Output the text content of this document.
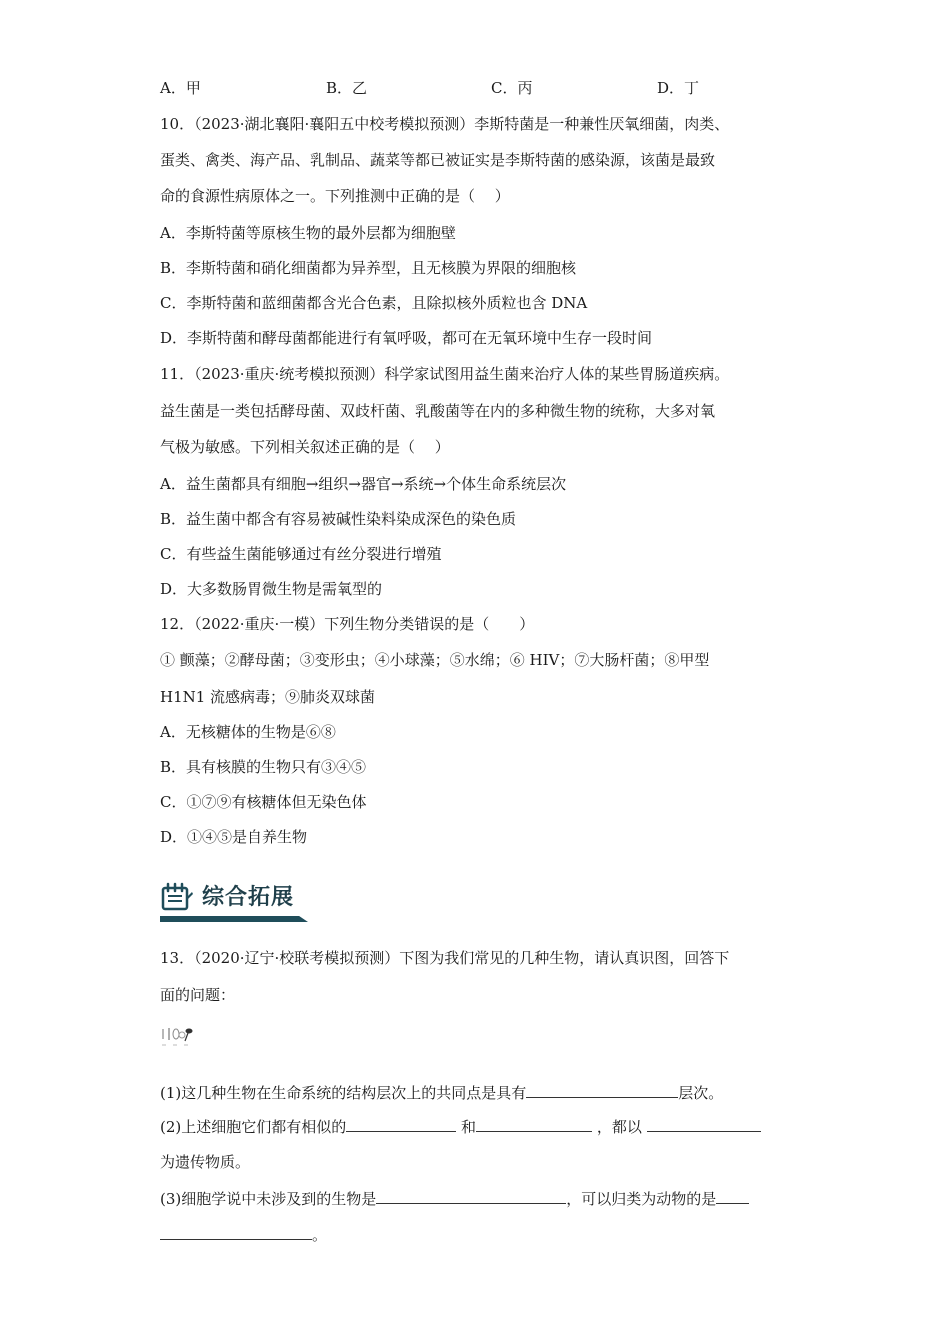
A．甲	B．乙	C．丙	D．丁
10．（2023·湖北襄阳·襄阳五中校考模拟预测）李斯特菌是一种兼性厌氧细菌，肉类、
蛋类、禽类、海产品、乳制品、蔬菜等都已被证实是李斯特菌的感染源，该菌是最致
命的食源性病原体之一。下列推测中正确的是（　 ）
A．李斯特菌等原核生物的最外层都为细胞壁
B．李斯特菌和硝化细菌都为异养型，且无核膜为界限的细胞核
C．李斯特菌和蓝细菌都含光合色素，且除拟核外质粒也含 DNA
D．李斯特菌和酵母菌都能进行有氧呼吸，都可在无氧环境中生存一段时间
11．（2023·重庆·统考模拟预测）科学家试图用益生菌来治疗人体的某些胃肠道疾病。
益生菌是一类包括酵母菌、双歧杆菌、乳酸菌等在内的多种微生物的统称，大多对氧
气极为敏感。下列相关叙述正确的是（　 ）
A．益生菌都具有细胞→组织→器官→系统→个体生命系统层次
B．益生菌中都含有容易被碱性染料染成深色的染色质
C．有些益生菌能够通过有丝分裂进行增殖
D．大多数肠胃微生物是需氧型的
12．（2022·重庆·一模）下列生物分类错误的是（　　）
① 颤藻；②酵母菌；③变形虫；④小球藻；⑤水绵；⑥ HIV；⑦大肠杆菌；⑧甲型
H1N1 流感病毒；⑨肺炎双球菌
A．无核糖体的生物是⑥⑧
B．具有核膜的生物只有③④⑤
C．①⑦⑨有核糖体但无染色体
D．①④⑤是自养生物
13．（2020·辽宁·校联考模拟预测）下图为我们常见的几种生物，请认真识图，回答下
面的问题：
(1)这几种生物在生命系统的结构层次上的共同点是具有	层次。
(2)上述细胞它们都有相似的	和	，都以
为遗传物质。
(3)细胞学说中未涉及到的生物是	，可以归类为动物的是
。
综合拓展
